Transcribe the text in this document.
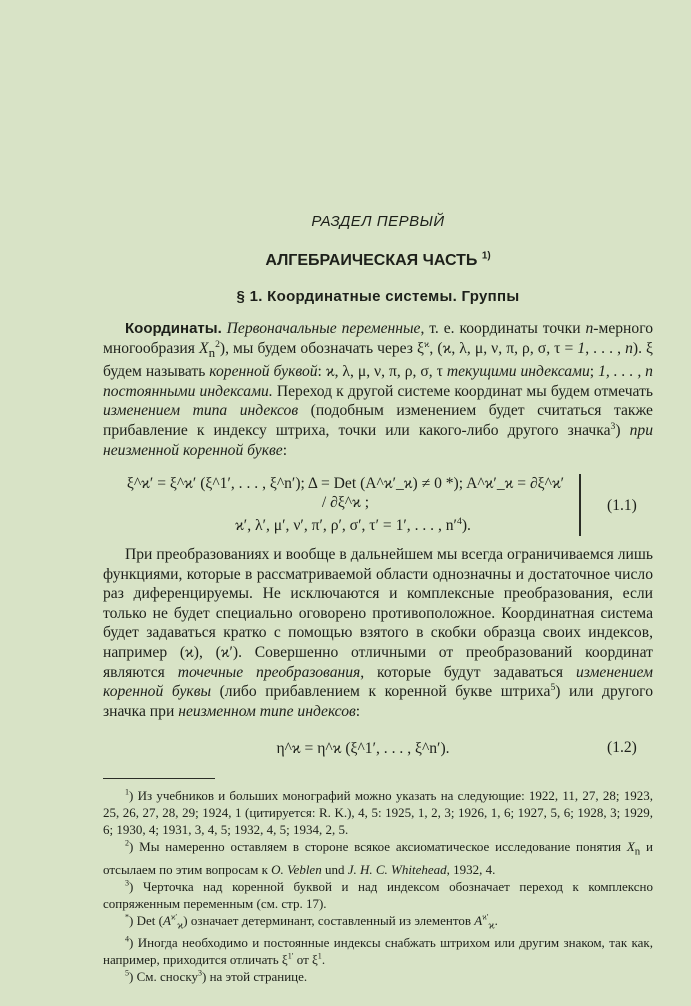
РАЗДЕЛ ПЕРВЫЙ
АЛГЕБРАИЧЕСКАЯ ЧАСТЬ $^{1)}$
§ 1. Координатные системы. Группы
Координаты. Первоначальные переменные, т. е. координаты точки n-мерного многообразия $X_n^2$), мы будем обозначать через $\xi^ϰ$, (ϰ, λ, μ, ν, π, ρ, σ, τ = 1, . . . , n). ξ будем называть коренной буквой: ϰ, λ, μ, ν, π, ρ, σ, τ текущими индексами; 1, . . . , n постоянными индексами. Переход к другой системе координат мы будем отмечать изменением типа индексов (подобным изменением будет считаться также прибавление к индексу штриха, точки или какого-либо другого значка$^3$) при неизменной коренной букве:
ξ^ϰ′ = ξ^ϰ′ (ξ^1′, . . . , ξ^n′); Δ = Det (A^ϰ′_ϰ) ≠ 0 *); A^ϰ′_ϰ = ∂ξ^ϰ′ / ∂ξ^ϰ ;
ϰ′, λ′, μ′, ν′, π′, ρ′, σ′, τ′ = 1′, . . . , $n'^4$).
(1.1)
При преобразованиях и вообще в дальнейшем мы всегда ограничиваемся лишь функциями, которые в рассматриваемой области однозначны и достаточное число раз диференцируемы. Не исключаются и комплексные преобразования, если только не будет специально оговорено противоположное. Координатная система будет задаваться кратко с помощью взятого в скобки образца своих индексов, например (ϰ), (ϰ′). Совершенно отличными от преобразований координат являются точечные преобразования, которые будут задаваться изменением коренной буквы (либо прибавлением к коренной букве штриха$^5$) или другого значка при неизменном типе индексов:
η^ϰ = η^ϰ (ξ^1′, . . . , ξ^n′).	(1.2)

$^1$) Из учебников и больших монографий можно указать на следующие: 1922, 11, 27, 28; 1923, 25, 26, 27, 28, 29; 1924, 1 (цитируется: R. K.), 4, 5: 1925, 1, 2, 3; 1926, 1, 6; 1927, 5, 6; 1928, 3; 1929, 6; 1930, 4; 1931, 3, 4, 5; 1932, 4, 5; 1934, 2, 5.

$^2$) Мы намеренно оставляем в стороне всякое аксиоматическое исследование понятия $X_n$ и отсылаем по этим вопросам к O. Veblen und J. H. C. Whitehead, 1932, 4.

$^3$) Черточка над коренной буквой и над индексом обозначает переход к комплексно сопряженным переменным (см. стр. 17).

*) Det $(A^{ϰ'}_ϰ)$ означает детерминант, составленный из элементов $A^{ϰ'}_ϰ$.

$^4$) Иногда необходимо и постоянные индексы снабжать штрихом или другим знаком, так как, например, приходится отличать $\xi^{1'}$ от $\xi^1$.

$^5$) См. сноску$^3$) на этой странице.
